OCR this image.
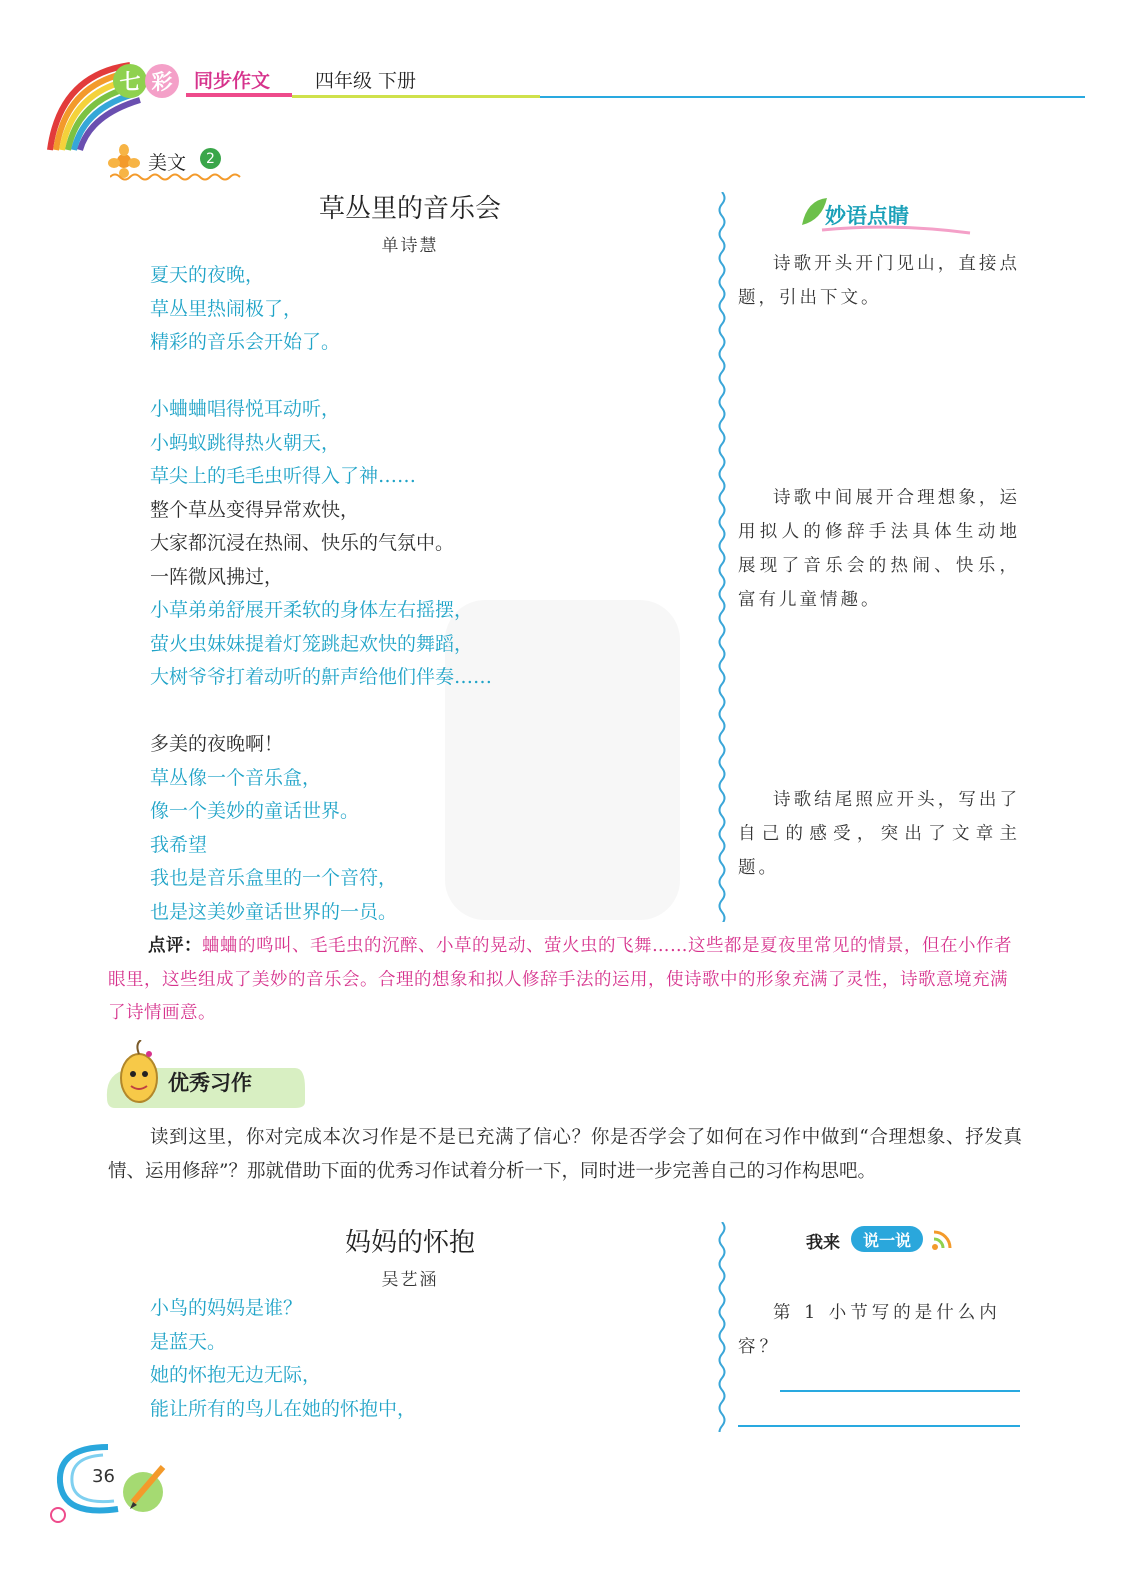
七 彩	同步作文 四年级 下册
美文	2
草丛里的音乐会
单诗慧
夏天的夜晚，
草丛里热闹极了，
精彩的音乐会开始了。
小蛐蛐唱得悦耳动听，
小蚂蚁跳得热火朝天，
草尖上的毛毛虫听得入了神……
整个草丛变得异常欢快，
大家都沉浸在热闹、快乐的气氛中。
一阵微风拂过，
小草弟弟舒展开柔软的身体左右摇摆，
萤火虫妹妹提着灯笼跳起欢快的舞蹈，
大树爷爷打着动听的鼾声给他们伴奏……
多美的夜晚啊！
草丛像一个音乐盒，
像一个美妙的童话世界。
我希望
我也是音乐盒里的一个音符，
也是这美妙童话世界的一员。
妙语点睛
诗歌开头开门见山，直接点题，引出下文。
诗歌中间展开合理想象，运用拟人的修辞手法具体生动地展现了音乐会的热闹、快乐，富有儿童情趣。
诗歌结尾照应开头，写出了自己的感受，突出了文章主题。
点评：蛐蛐的鸣叫、毛毛虫的沉醉、小草的晃动、萤火虫的飞舞……这些都是夏夜里常见的情景，但在小作者眼里，这些组成了美妙的音乐会。合理的想象和拟人修辞手法的运用，使诗歌中的形象充满了灵性，诗歌意境充满了诗情画意。
优秀习作
读到这里，你对完成本次习作是不是已充满了信心？你是否学会了如何在习作中做到“合理想象、抒发真情、运用修辞”？那就借助下面的优秀习作试着分析一下，同时进一步完善自己的习作构思吧。
妈妈的怀抱
吴艺涵
小鸟的妈妈是谁？
是蓝天。
她的怀抱无边无际，
能让所有的鸟儿在她的怀抱中，
我来	说一说
第 1 小节写的是什么内容？
36
